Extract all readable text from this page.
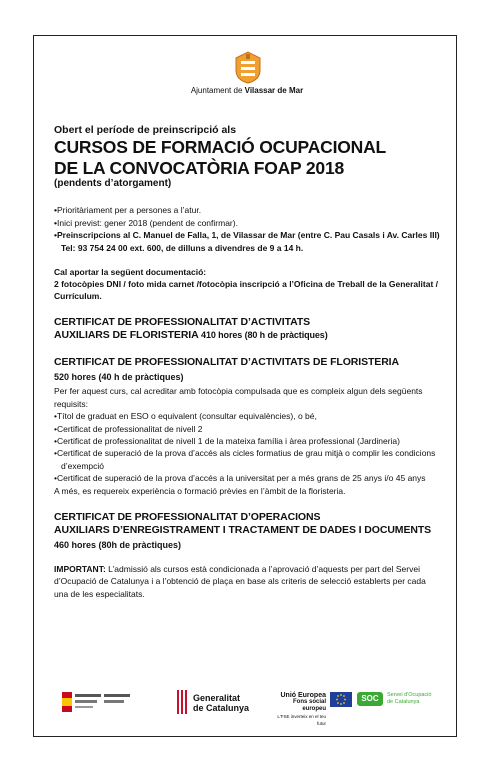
Ajuntament de Vilassar de Mar

Obert el període de preinscripció als

CURSOS DE FORMACIÓ OCUPACIONAL

DE LA CONVOCATÒRIA FOAP 2018

(pendents d’atorgament)

•Prioritàriament per a persones a l’atur.

•Inici previst: gener 2018 (pendent de confirmar).

•Preinscripcions al C. Manuel de Falla, 1, de Vilassar de Mar (entre C. Pau Casals i Av. Carles III) Tel: 93 754 24 00 ext. 600, de dilluns a divendres de 9 a 14 h.

Cal aportar la següent documentació:

2 fotocòpies DNI / foto mida carnet /fotocòpia inscripció a l’Oficina de Treball de la Generalitat / Currículum.

CERTIFICAT DE PROFESSIONALITAT D’ACTIVITATS

AUXILIARS DE FLORISTERIA 410 hores (80 h de pràctiques)

CERTIFICAT DE PROFESSIONALITAT D’ACTIVITATS DE FLORISTERIA

520 hores (40 h de pràctiques)

Per fer aquest curs, cal acreditar amb fotocòpia compulsada que es compleix algun dels següents requisits:

•Títol de graduat en ESO o equivalent (consultar equivalències), o bé,

•Certificat de professionalitat de nivell 2

•Certificat de professionalitat de nivell 1 de la mateixa família i àrea professional (Jardineria)

•Certificat de superació de la prova d’accés als cicles formatius de grau mitjà o complir les condicions d’exempció

•Certificat de superació de la prova d’accés a la universitat per a més grans de 25 anys i/o 45 anys

A més, es requereix experiència o formació prèvies en l’àmbit de la floristeria.

CERTIFICAT DE PROFESSIONALITAT D’OPERACIONS

AUXILIARS D’ENREGISTRAMENT I TRACTAMENT DE DADES I DOCUMENTS

460 hores (80h de pràctiques)

IMPORTANT: L’admissió als cursos està condicionada a l’aprovació d’aquests per part del Servei d’Ocupació de Catalunya i a l’obtenció de plaça en base als criteris de selecció establerts per cada una de les especialitats.

Generalitat
de Catalunya
Unió Europea
Fons social europeu
L'FSE inverteix en el teu futur
SOC	Servei d'Ocupació
de Catalunya
